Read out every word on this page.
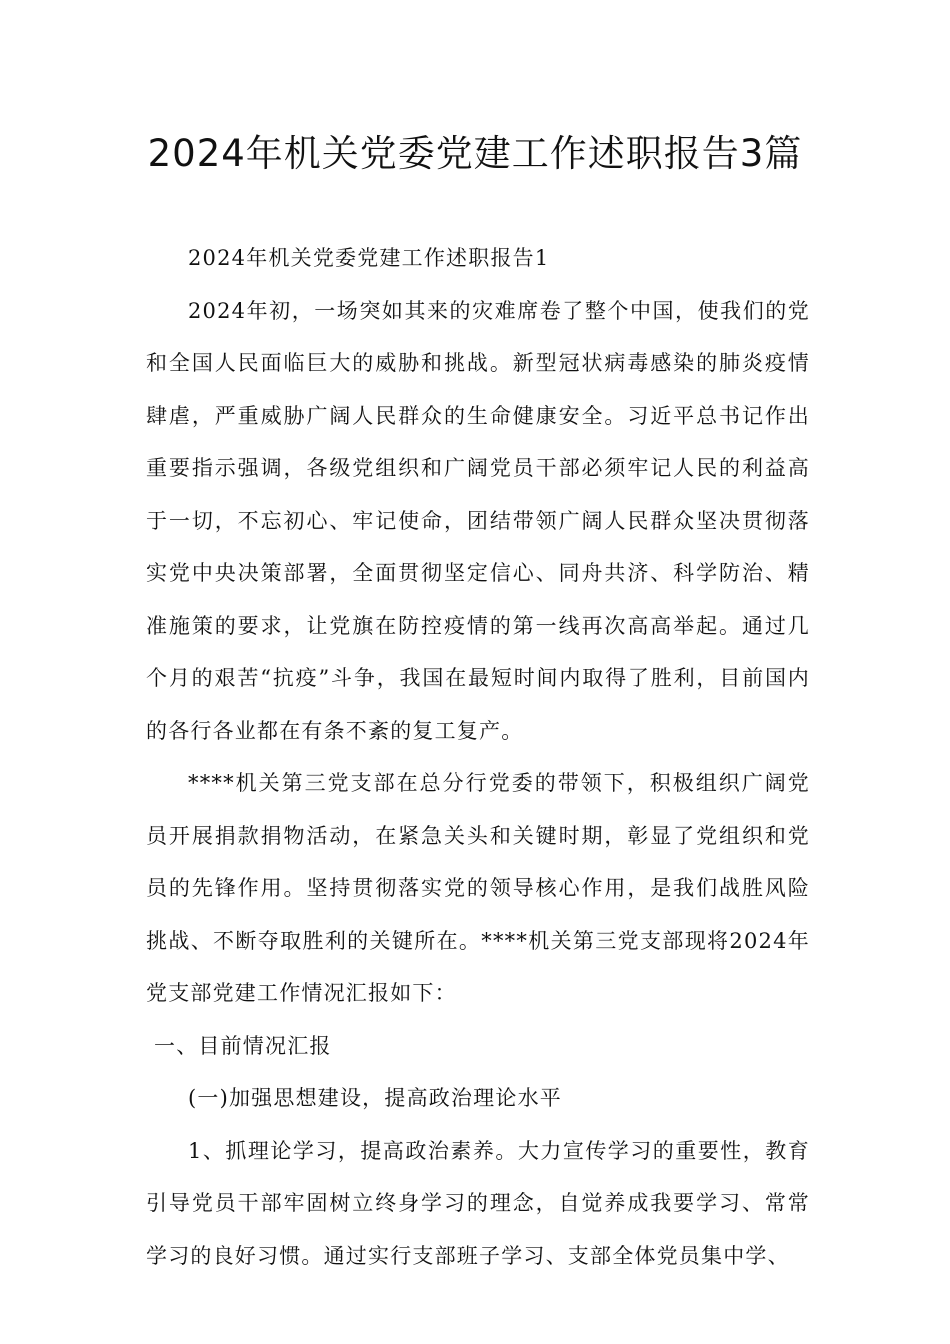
2024年机关党委党建工作述职报告3篇

2024年机关党委党建工作述职报告1

2024年初，一场突如其来的灾难席卷了整个中国，使我们的党和全国人民面临巨大的威胁和挑战。新型冠状病毒感染的肺炎疫情肆虐，严重威胁广阔人民群众的生命健康安全。习近平总书记作出重要指示强调，各级党组织和广阔党员干部必须牢记人民的利益高于一切，不忘初心、牢记使命，团结带领广阔人民群众坚决贯彻落实党中央决策部署，全面贯彻坚定信心、同舟共济、科学防治、精准施策的要求，让党旗在防控疫情的第一线再次高高举起。通过几个月的艰苦“抗疫”斗争，我国在最短时间内取得了胜利，目前国内的各行各业都在有条不紊的复工复产。

****机关第三党支部在总分行党委的带领下，积极组织广阔党员开展捐款捐物活动，在紧急关头和关键时期，彰显了党组织和党员的先锋作用。坚持贯彻落实党的领导核心作用，是我们战胜风险挑战、不断夺取胜利的关键所在。****机关第三党支部现将2024年党支部党建工作情况汇报如下：

一、目前情况汇报

(一)加强思想建设，提高政治理论水平

1、抓理论学习，提高政治素养。大力宣传学习的重要性，教育引导党员干部牢固树立终身学习的理念，自觉养成我要学习、常常学习的良好习惯。通过实行支部班子学习、支部全体党员集中学、
